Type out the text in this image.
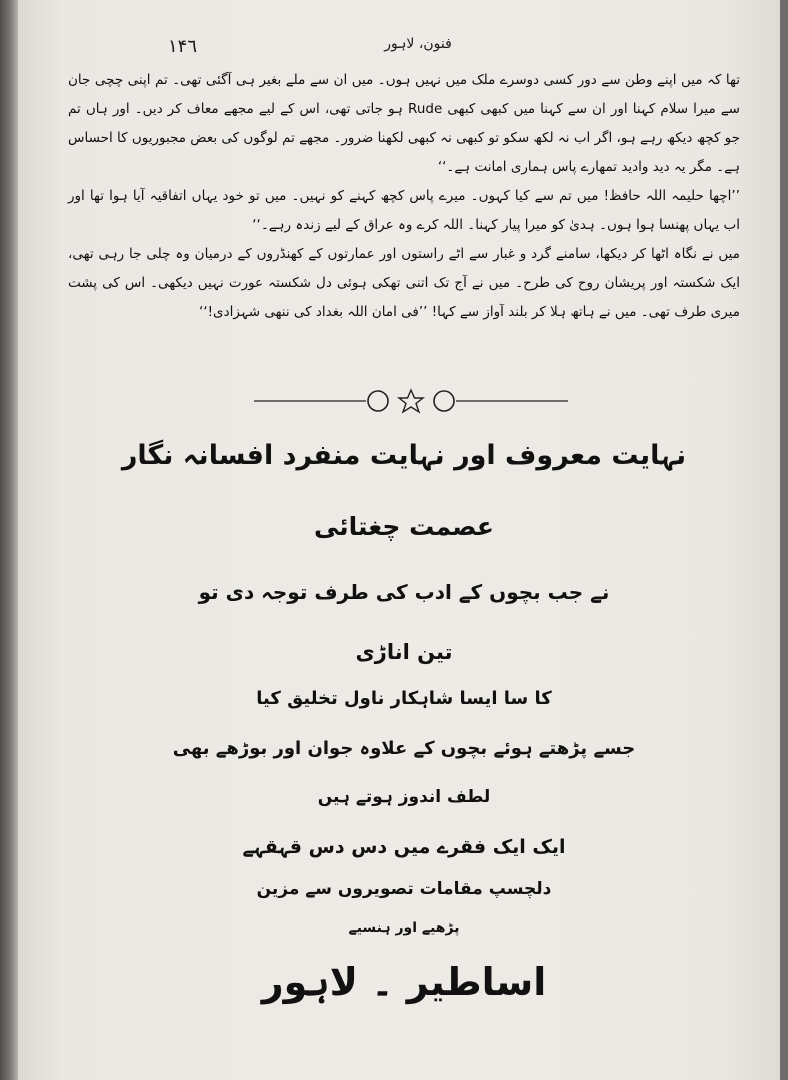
١۴٦	فنون، لاہور

تھا کہ میں اپنے وطن سے دور کسی دوسرے ملک میں نہیں ہوں۔ میں ان سے ملے بغیر ہی آگئی تھی۔ تم اپنی چچی جان سے میرا سلام کہنا اور ان سے کہنا میں کبھی کبھی Rude ہو جاتی تھی، اس کے لیے مجھے معاف کر دیں۔ اور ہاں تم جو کچھ دیکھ رہے ہو، اگر اب نہ لکھ سکو تو کبھی نہ کبھی لکھنا ضرور۔ مجھے تم لوگوں کی بعض مجبوریوں کا احساس ہے۔ مگر یہ دید وادید تمھارے پاس ہماری امانت ہے۔‘‘

’’اچھا حلیمہ اللہ حافظ! میں تم سے کیا کہوں۔ میرے پاس کچھ کہنے کو نہیں۔ میں تو خود یہاں اتفاقیہ آیا ہوا تھا اور اب یہاں پھنسا ہوا ہوں۔ ہدیٰ کو میرا پیار کہنا۔ اللہ کرے وہ عراق کے لیے زندہ رہے۔‘‘

میں نے نگاہ اٹھا کر دیکھا، سامنے گرد و غبار سے اٹے راستوں اور عمارتوں کے کھنڈروں کے درمیان وہ چلی جا رہی تھی، ایک شکستہ اور پریشان روح کی طرح۔ میں نے آج تک اتنی تھکی ہوئی دل شکستہ عورت نہیں دیکھی۔ اس کی پشت میری طرف تھی۔ میں نے ہاتھ ہلا کر بلند آواز سے کہا! ’’فی امان اللہ بغداد کی ننھی شہزادی!‘‘

نہایت معروف اور نہایت منفرد افسانہ نگار
عصمت چغتائی
نے جب بچوں کے ادب کی طرف توجہ دی تو
تین اناڑی
کا سا ایسا شاہکار ناول تخلیق کیا
جسے پڑھتے ہوئے بچوں کے علاوہ جوان اور بوڑھے بھی
لطف اندوز ہوتے ہیں
ایک ایک فقرے میں دس دس قہقہے
دلچسپ مقامات تصویروں سے مزین
پڑھیے اور ہنسیے
اساطیر ۔ لاہور
